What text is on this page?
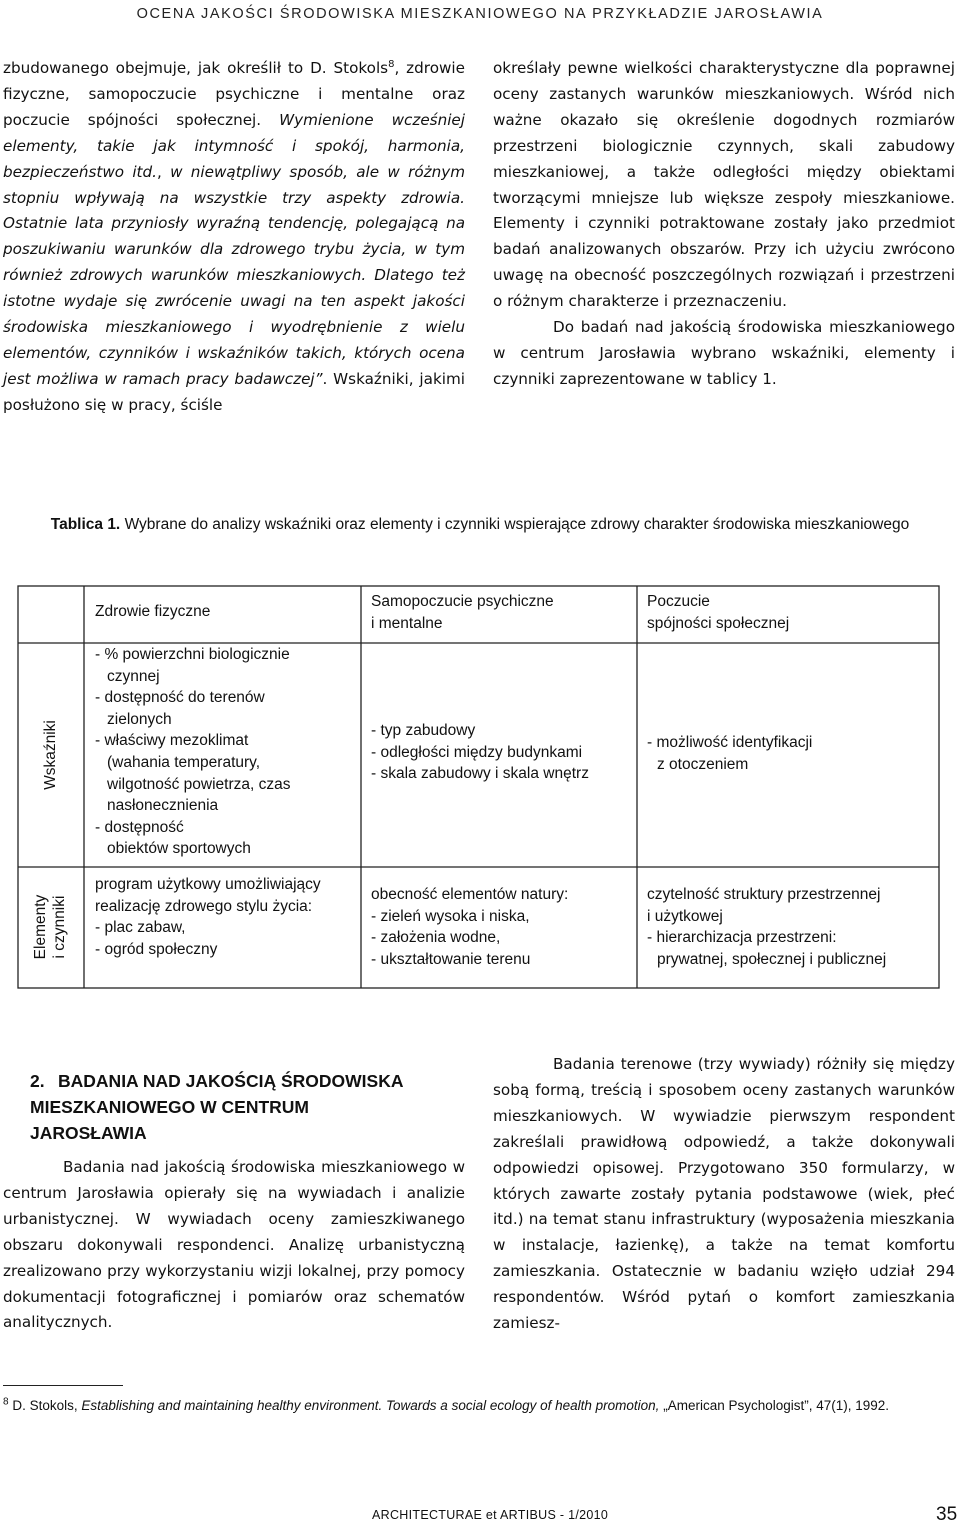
OCENA JAKOŚCI ŚRODOWISKA MIESZKANIOWEGO NA PRZYKŁADZIE JAROSŁAWIA

zbudowanego obejmuje, jak określił to D. Stokols$^8$, zdrowie fizyczne, samopoczucie psychiczne i mentalne oraz poczucie spójności społecznej. Wymienione wcześniej elementy, takie jak intymność i spokój, harmonia, bezpieczeństwo itd., w niewątpliwy sposób, ale w różnym stopniu wpływają na wszystkie trzy aspekty zdrowia. Ostatnie lata przyniosły wyraźną tendencję, polegającą na poszukiwaniu warunków dla zdrowego trybu życia, w tym również zdrowych warunków mieszkaniowych. Dlatego też istotne wydaje się zwrócenie uwagi na ten aspekt jakości środowiska mieszkaniowego i wyodrębnienie z wielu elementów, czynników i wskaźników takich, których ocena jest możliwa w ramach pracy badawczej”. Wskaźniki, jakimi posłużono się w pracy, ściśle

określały pewne wielkości charakterystyczne dla poprawnej oceny zastanych warunków mieszkaniowych. Wśród nich ważne okazało się określenie dogodnych rozmiarów przestrzeni biologicznie czynnych, skali zabudowy mieszkaniowej, a także odległości między obiektami tworzącymi mniejsze lub większe zespoły mieszkaniowe. Elementy i czynniki potraktowane zostały jako przedmiot badań analizowanych obszarów. Przy ich użyciu zwrócono uwagę na obecność poszczególnych rozwiązań i przestrzeni o różnym charakterze i przeznaczeniu.

Do badań nad jakością środowiska mieszkaniowego w centrum Jarosławia wybrano wskaźniki, elementy i czynniki zaprezentowane w tablicy 1.

Tablica 1. Wybrane do analizy wskaźniki oraz elementy i czynniki wspierające zdrowy charakter środowiska mieszkaniowego
Zdrowie fizyczne
Samopoczucie psychiczne
i mentalne
Poczucie
spójności społecznej
Wskaźniki
Elementy
i czynniki

- % powierzchni biologicznie

czynnej

- dostępność do terenów

zielonych

- właściwy mezoklimat

(wahania temperatury,

wilgotność powietrza, czas

nasłonecznienia

- dostępność

obiektów sportowych

- typ zabudowy

- odległości między budynkami

- skala zabudowy i skala wnętrz

- możliwość identyfikacji

z otoczeniem

program użytkowy umożliwiający realizację zdrowego stylu życia:

- plac zabaw,

- ogród społeczny

obecność elementów natury:

- zieleń wysoka i niska,

- założenia wodne,

- ukształtowanie terenu

czytelność struktury przestrzennej

i użytkowej

- hierarchizacja przestrzeni:

prywatnej, społecznej i publicznej

2. BADANIA NAD JAKOŚCIĄ ŚRODOWISKA MIESZKANIOWEGO W CENTRUM JAROSŁAWIA

Badania nad jakością środowiska mieszkaniowego w centrum Jarosławia opierały się na wywiadach i analizie urbanistycznej. W wywiadach oceny zamieszkiwanego obszaru dokonywali respondenci. Analizę urbanistyczną zrealizowano przy wykorzystaniu wizji lokalnej, przy pomocy dokumentacji fotograficznej i pomiarów oraz schematów analitycznych.

Badania terenowe (trzy wywiady) różniły się między sobą formą, treścią i sposobem oceny zastanych warunków mieszkaniowych. W wywiadzie pierwszym respondent zakreślali prawidłową odpowiedź, a także dokonywali odpowiedzi opisowej. Przygotowano 350 formularzy, w których zawarte zostały pytania podstawowe (wiek, płeć itd.) na temat stanu infrastruktury (wyposażenia mieszkania w instalacje, łazienkę), a także na temat komfortu zamieszkania. Ostatecznie w badaniu wzięło udział 294 respondentów. Wśród pytań o komfort zamieszkania zamiesz-

$^8$ D. Stokols, Establishing and maintaining healthy environment. Towards a social ecology of health promotion, „American Psychologist”, 47(1), 1992.
ARCHITECTURAE et ARTIBUS - 1/2010	35
